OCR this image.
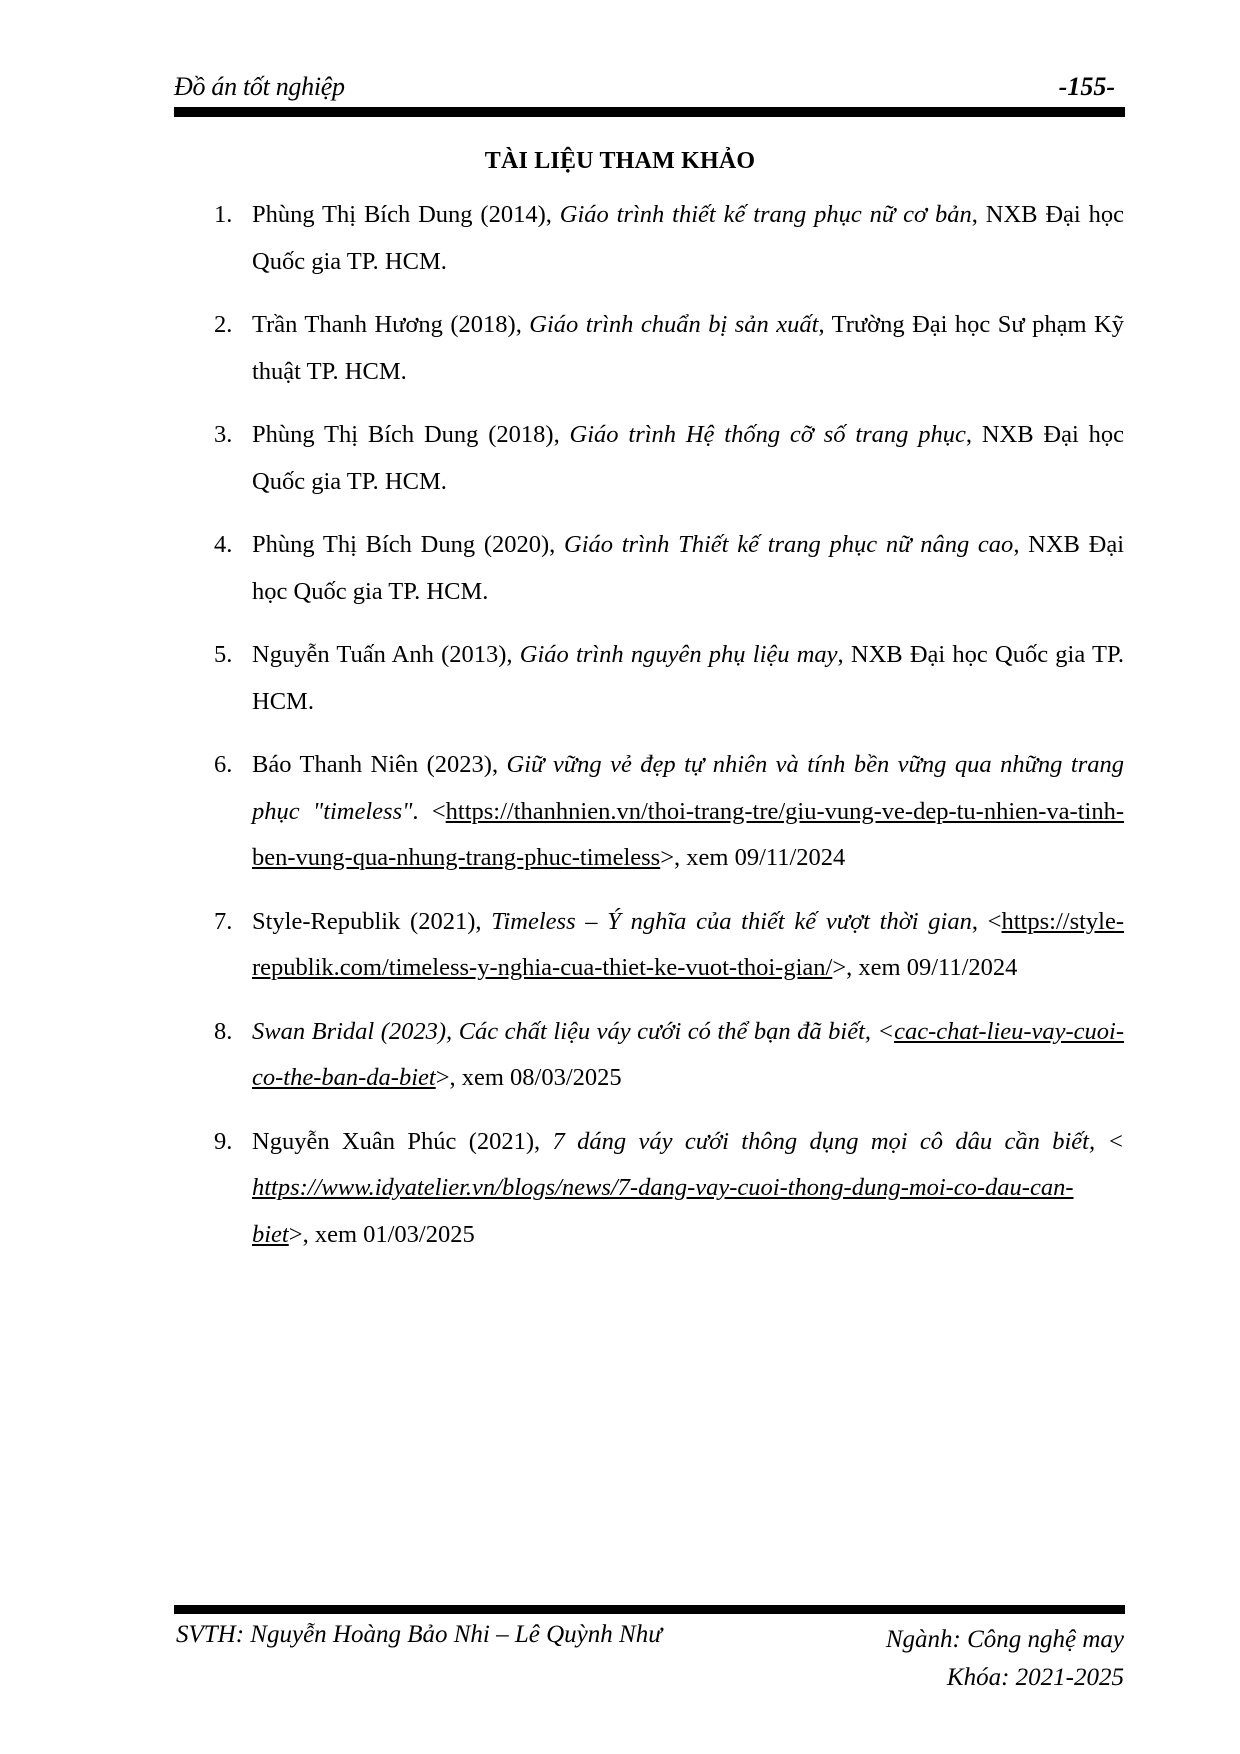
Đồ án tốt nghiệp	-155-
TÀI LIỆU THAM KHẢO
1. Phùng Thị Bích Dung (2014), Giáo trình thiết kế trang phục nữ cơ bản, NXB Đại học Quốc gia TP. HCM.
2. Trần Thanh Hương (2018), Giáo trình chuẩn bị sản xuất, Trường Đại học Sư phạm Kỹ thuật TP. HCM.
3. Phùng Thị Bích Dung (2018), Giáo trình Hệ thống cỡ số trang phục, NXB Đại học Quốc gia TP. HCM.
4. Phùng Thị Bích Dung (2020), Giáo trình Thiết kế trang phục nữ nâng cao, NXB Đại học Quốc gia TP. HCM.
5. Nguyễn Tuấn Anh (2013), Giáo trình nguyên phụ liệu may, NXB Đại học Quốc gia TP. HCM.
6. Báo Thanh Niên (2023), Giữ vững vẻ đẹp tự nhiên và tính bền vững qua những trang phục "timeless". <https://thanhnien.vn/thoi-trang-tre/giu-vung-ve-dep-tu-nhien-va-tinh-ben-vung-qua-nhung-trang-phuc-timeless>, xem 09/11/2024
7. Style-Republik (2021), Timeless – Ý nghĩa của thiết kế vượt thời gian, <https://style-republik.com/timeless-y-nghia-cua-thiet-ke-vuot-thoi-gian/>, xem 09/11/2024
8. Swan Bridal (2023), Các chất liệu váy cưới có thể bạn đã biết, <cac-chat-lieu-vay-cuoi-co-the-ban-da-biet>, xem 08/03/2025
9. Nguyễn Xuân Phúc (2021), 7 dáng váy cưới thông dụng mọi cô dâu cần biết, < https://www.idyatelier.vn/blogs/news/7-dang-vay-cuoi-thong-dung-moi-co-dau-can-biet>, xem 01/03/2025
SVTH: Nguyễn Hoàng Bảo Nhi – Lê Quỳnh Như	Ngành: Công nghệ may
Khóa: 2021-2025
